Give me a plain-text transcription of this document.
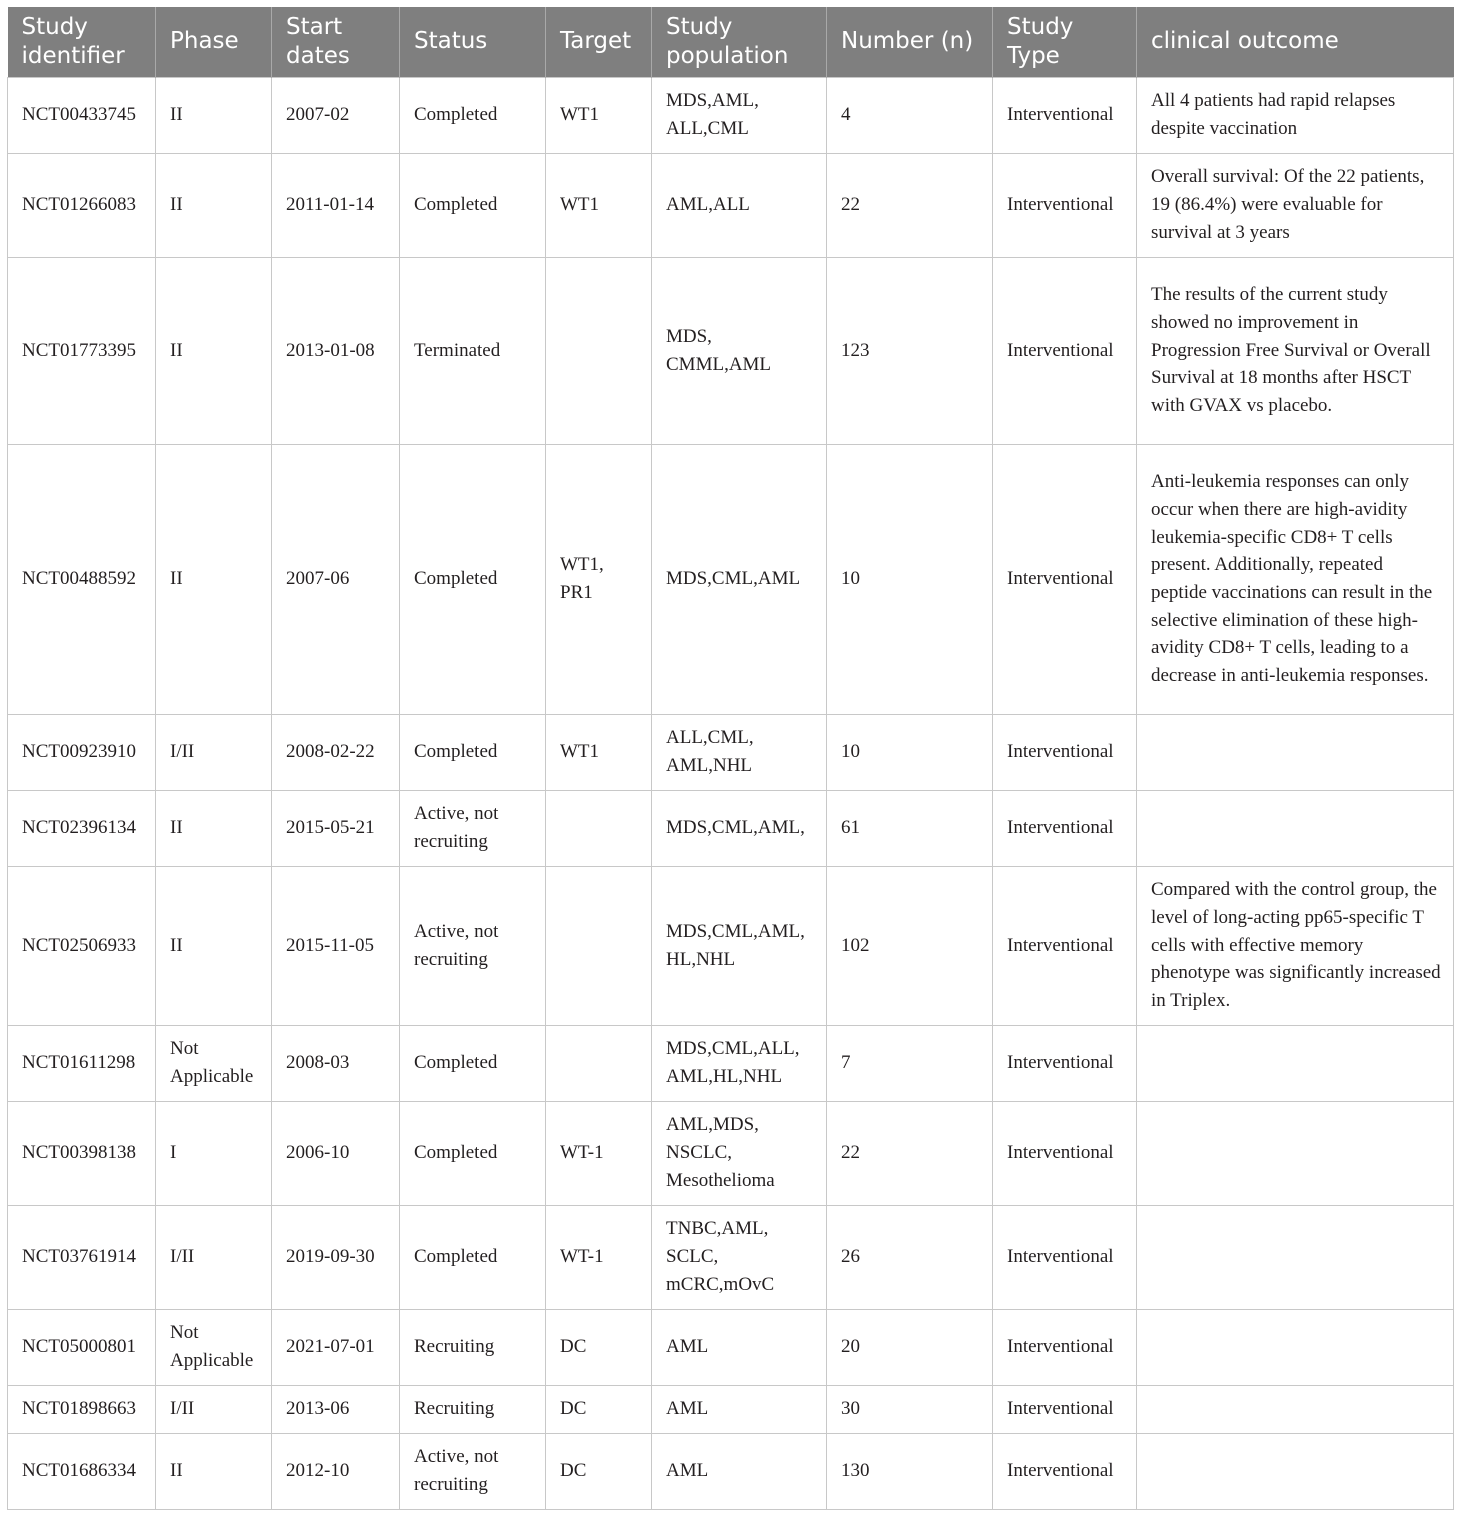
Study identifier	Phase	Start dates	Status	Target	Study population	Number (n)	Study Type	clinical outcome
NCT00433745	II	2007-02	Completed	WT1	MDS,AML, ALL,CML	4	Interventional	All 4 patients had rapid relapses despite vaccination
NCT01266083	II	2011-01-14	Completed	WT1	AML,ALL	22	Interventional	Overall survival: Of the 22 patients, 19 (86.4%) were evaluable for survival at 3 years
NCT01773395	II	2013-01-08	Terminated		MDS, CMML,AML	123	Interventional	The results of the current study showed no improvement in Progression Free Survival or Overall Survival at 18 months after HSCT with GVAX vs placebo.
NCT00488592	II	2007-06	Completed	WT1, PR1	MDS,CML,AML	10	Interventional	Anti-leukemia responses can only occur when there are high-avidity leukemia-specific CD8+ T cells present. Additionally, repeated peptide vaccinations can result in the selective elimination of these high-avidity CD8+ T cells, leading to a decrease in anti-leukemia responses.
NCT00923910	I/II	2008-02-22	Completed	WT1	ALL,CML, AML,NHL	10	Interventional	
NCT02396134	II	2015-05-21	Active, not recruiting		MDS,CML,AML,	61	Interventional	
NCT02506933	II	2015-11-05	Active, not recruiting		MDS,CML,AML, HL,NHL	102	Interventional	Compared with the control group, the level of long-acting pp65-specific T cells with effective memory phenotype was significantly increased in Triplex.
NCT01611298	Not Applicable	2008-03	Completed		MDS,CML,ALL, AML,HL,NHL	7	Interventional	
NCT00398138	I	2006-10	Completed	WT-1	AML,MDS, NSCLC, Mesothelioma	22	Interventional	
NCT03761914	I/II	2019-09-30	Completed	WT-1	TNBC,AML, SCLC, mCRC,mOvC	26	Interventional	
NCT05000801	Not Applicable	2021-07-01	Recruiting	DC	AML	20	Interventional	
NCT01898663	I/II	2013-06	Recruiting	DC	AML	30	Interventional	
NCT01686334	II	2012-10	Active, not recruiting	DC	AML	130	Interventional	
